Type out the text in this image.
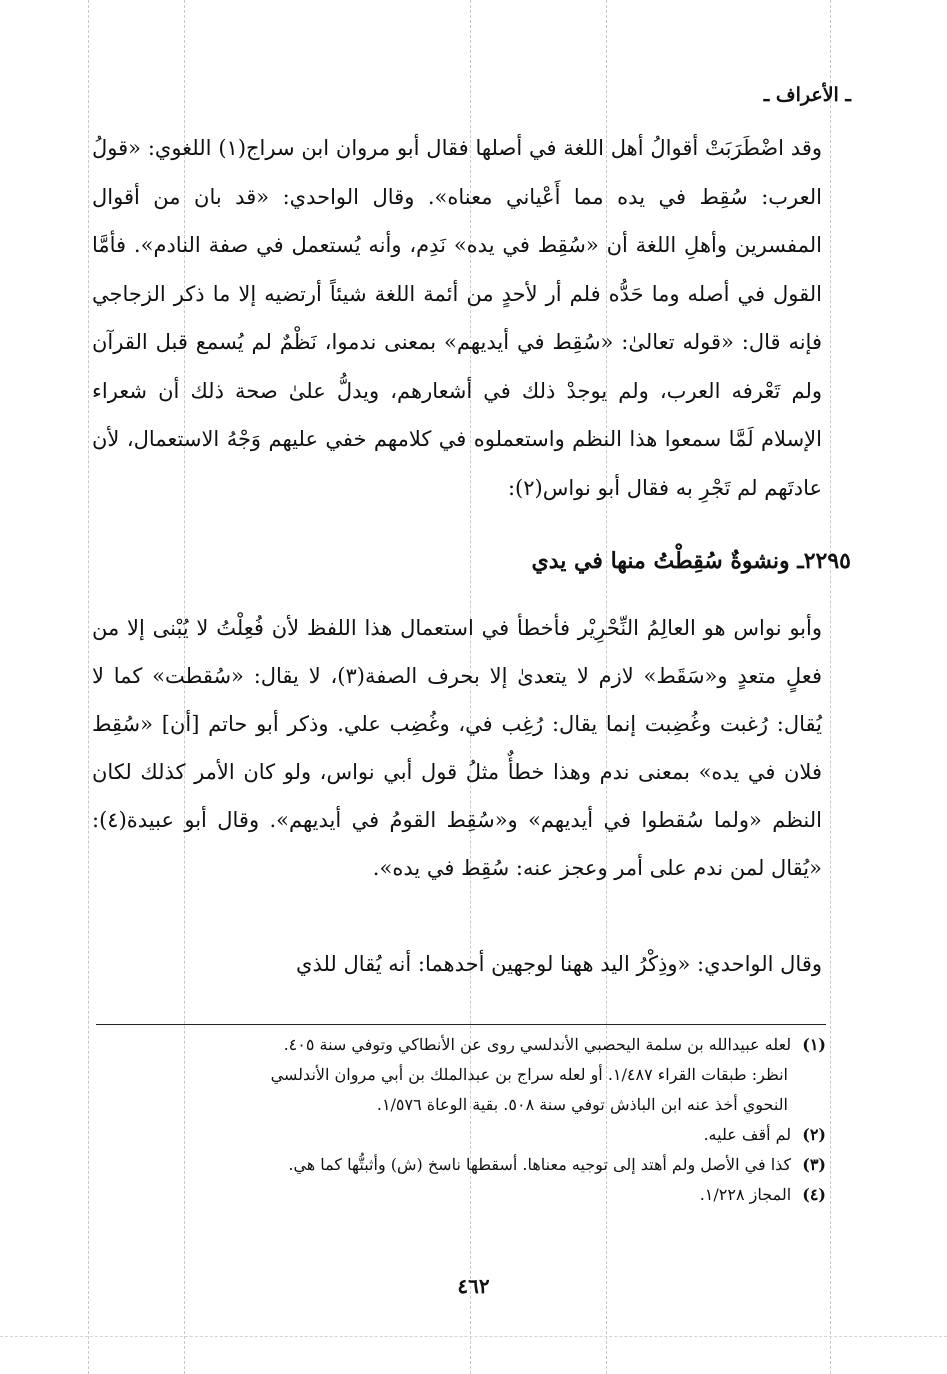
ـ الأعراف ـ

وقد اضْطَرَبَتْ أقوالُ أهل اللغة في أصلها فقال أبو مروان ابن سراج(١) اللغوي: «قولُ العرب: سُقِط في يده مما أَعْياني معناه». وقال الواحدي: «قد بان من أقوال المفسرين وأهلِ اللغة أن «سُقِط في يده» نَدِم، وأنه يُستعمل في صفة النادم». فأمَّا القول في أصله وما حَدُّه فلم أر لأحدٍ من أئمة اللغة شيئاً أرتضيه إلا ما ذكر الزجاجي فإنه قال: «قوله تعالىٰ: «سُقِط في أيديهم» بمعنى ندموا، نَظْمٌ لم يُسمع قبل القرآن ولم تَعْرفه العرب، ولم يوجدْ ذلك في أشعارهم، ويدلُّ علىٰ صحة ذلك أن شعراء الإسلام لَمَّا سمعوا هذا النظم واستعملوه في كلامهم خفي عليهم وَجْهُ الاستعمال، لأن عادتَهم لم تَجْرِ به فقال أبو نواس(٢):

٢٢٩٥ـ ونشوةٌ سُقِطْتُ منها في يدي

وأبو نواس هو العالِمُ النِّحْرِيْر فأخطأ في استعمال هذا اللفظ لأن فُعِلْتُ لا يُبْنى إلا من فعلٍ متعدٍ و«سَقَط» لازم لا يتعدىٰ إلا بحرف الصفة(٣)، لا يقال: «سُقطت» كما لا يُقال: رُغبت وغُضِبت إنما يقال: رُغِب في، وغُضِب علي. وذكر أبو حاتم [أن] «سُقِط فلان في يده» بمعنى ندم وهذا خطأٌ مثلُ قول أبي نواس، ولو كان الأمر كذلك لكان النظم «ولما سُقطوا في أيديهم» و«سُقِط القومُ في أيديهم». وقال أبو عبيدة(٤): «يُقال لمن ندم على أمر وعجز عنه: سُقِط في يده».

وقال الواحدي: «وذِكْرُ اليد ههنا لوجهين أحدهما: أنه يُقال للذي

(١) لعله عبيدالله بن سلمة اليحصبي الأندلسي روى عن الأنطاكي وتوفي سنة ٤٠٥.

انظر: طبقات القراء ١/٤٨٧. أو لعله سراج بن عبدالملك بن أبي مروان الأندلسي

النحوي أخذ عنه ابن الباذش توفي سنة ٥٠٨. بقية الوعاة ١/٥٧٦.

(٢) لم أقف عليه.

(٣) كذا في الأصل ولم أهتد إلى توجيه معناها. أسقطها ناسخ (ش) وأثبتُّها كما هي.

(٤) المجاز ١/٢٢٨.

٤٦٢
